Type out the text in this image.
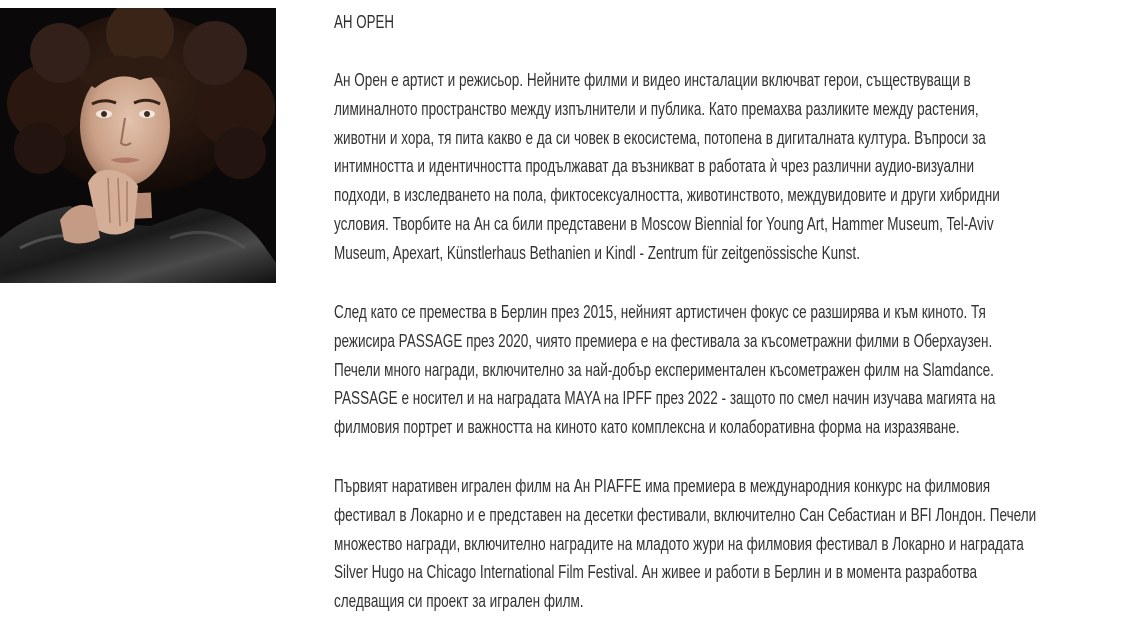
АН ОРЕН

Ан Орен е артист и режисьор. Нейните филми и видео инсталации включват герои, съществуващи в
лиминалното пространство между изпълнители и публика. Като премахва разликите между растения,
животни и хора, тя пита какво е да си човек в екосистема, потопена в дигиталната култура. Въпроси за
интимността и идентичността продължават да възникват в работата ѝ чрез различни аудио-визуални
подходи, в изследването на пола, фиктосексуалността, животинството, междувидовите и други хибридни
условия. Творбите на Ан са били представени в Moscow Biennial for Young Art, Hammer Museum, Tel-Aviv
Museum, Apexart, Künstlerhaus Bethanien и Kindl - Zentrum für zeitgenössische Kunst.

След като се премества в Берлин през 2015, нейният артистичен фокус се разширява и към киното. Тя
режисира PASSAGE през 2020, чиято премиера е на фестивала за късометражни филми в Оберхаузен.
Печели много награди, включително за най-добър експериментален късометражен филм на Slamdance.
PASSAGE е носител и на наградата MAYA на IPFF през 2022 - защото по смел начин изучава магията на
филмовия портрет и важността на киното като комплексна и колаборативна форма на изразяване.

Първият наративен игрален филм на Ан PIAFFE има премиера в международния конкурс на филмовия
фестивал в Локарно и е представен на десетки фестивали, включително Сан Себастиан и BFI Лондон. Печели
множество награди, включително наградите на младото жури на филмовия фестивал в Локарно и наградата
Silver Hugo на Chicago International Film Festival. Ан живее и работи в Берлин и в момента разработва
следващия си проект за игрален филм.
